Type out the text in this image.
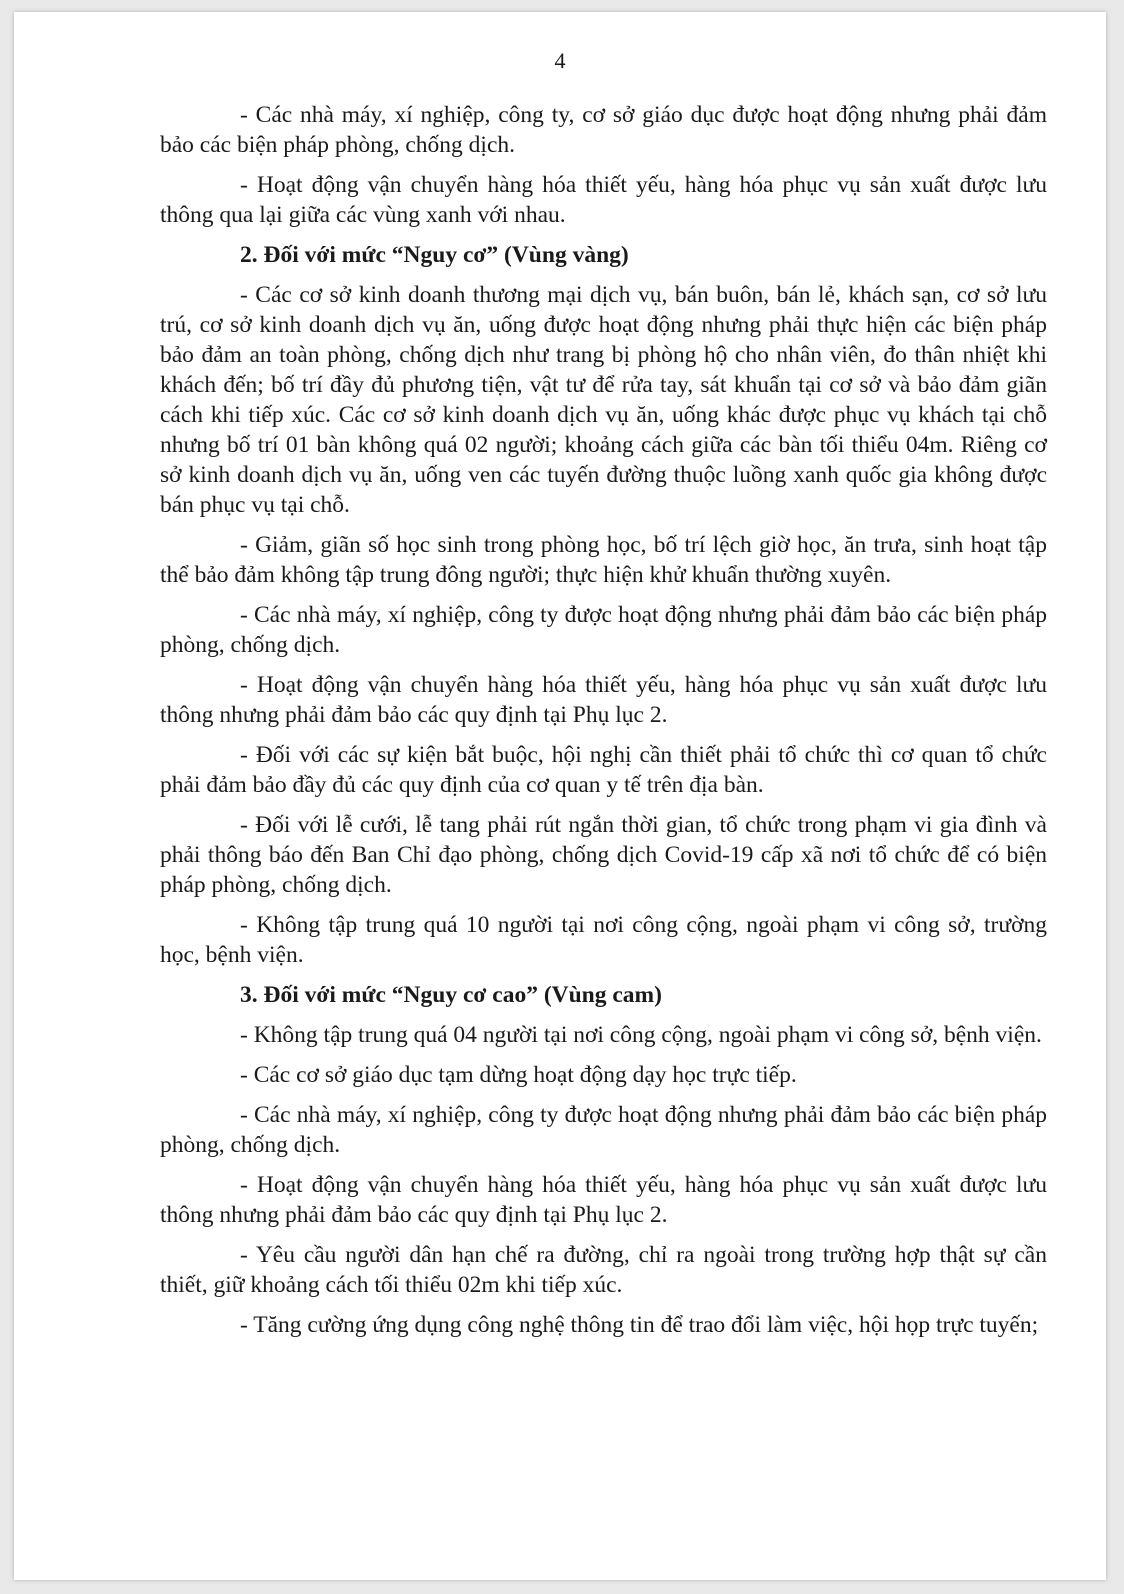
4

- Các nhà máy, xí nghiệp, công ty, cơ sở giáo dục được hoạt động nhưng phải đảm bảo các biện pháp phòng, chống dịch.

- Hoạt động vận chuyển hàng hóa thiết yếu, hàng hóa phục vụ sản xuất được lưu thông qua lại giữa các vùng xanh với nhau.

2. Đối với mức “Nguy cơ” (Vùng vàng)

- Các cơ sở kinh doanh thương mại dịch vụ, bán buôn, bán lẻ, khách sạn, cơ sở lưu trú, cơ sở kinh doanh dịch vụ ăn, uống được hoạt động nhưng phải thực hiện các biện pháp bảo đảm an toàn phòng, chống dịch như trang bị phòng hộ cho nhân viên, đo thân nhiệt khi khách đến; bố trí đầy đủ phương tiện, vật tư để rửa tay, sát khuẩn tại cơ sở và bảo đảm giãn cách khi tiếp xúc. Các cơ sở kinh doanh dịch vụ ăn, uống khác được phục vụ khách tại chỗ nhưng bố trí 01 bàn không quá 02 người; khoảng cách giữa các bàn tối thiểu 04m. Riêng cơ sở kinh doanh dịch vụ ăn, uống ven các tuyến đường thuộc luồng xanh quốc gia không được bán phục vụ tại chỗ.

- Giảm, giãn số học sinh trong phòng học, bố trí lệch giờ học, ăn trưa, sinh hoạt tập thể bảo đảm không tập trung đông người; thực hiện khử khuẩn thường xuyên.

- Các nhà máy, xí nghiệp, công ty được hoạt động nhưng phải đảm bảo các biện pháp phòng, chống dịch.

- Hoạt động vận chuyển hàng hóa thiết yếu, hàng hóa phục vụ sản xuất được lưu thông nhưng phải đảm bảo các quy định tại Phụ lục 2.

- Đối với các sự kiện bắt buộc, hội nghị cần thiết phải tổ chức thì cơ quan tổ chức phải đảm bảo đầy đủ các quy định của cơ quan y tế trên địa bàn.

- Đối với lễ cưới, lễ tang phải rút ngắn thời gian, tổ chức trong phạm vi gia đình và phải thông báo đến Ban Chỉ đạo phòng, chống dịch Covid-19 cấp xã nơi tổ chức để có biện pháp phòng, chống dịch.

- Không tập trung quá 10 người tại nơi công cộng, ngoài phạm vi công sở, trường học, bệnh viện.

3. Đối với mức “Nguy cơ cao” (Vùng cam)

- Không tập trung quá 04 người tại nơi công cộng, ngoài phạm vi công sở, bệnh viện.

- Các cơ sở giáo dục tạm dừng hoạt động dạy học trực tiếp.

- Các nhà máy, xí nghiệp, công ty được hoạt động nhưng phải đảm bảo các biện pháp phòng, chống dịch.

- Hoạt động vận chuyển hàng hóa thiết yếu, hàng hóa phục vụ sản xuất được lưu thông nhưng phải đảm bảo các quy định tại Phụ lục 2.

- Yêu cầu người dân hạn chế ra đường, chỉ ra ngoài trong trường hợp thật sự cần thiết, giữ khoảng cách tối thiểu 02m khi tiếp xúc.

- Tăng cường ứng dụng công nghệ thông tin để trao đổi làm việc, hội họp trực tuyến;
